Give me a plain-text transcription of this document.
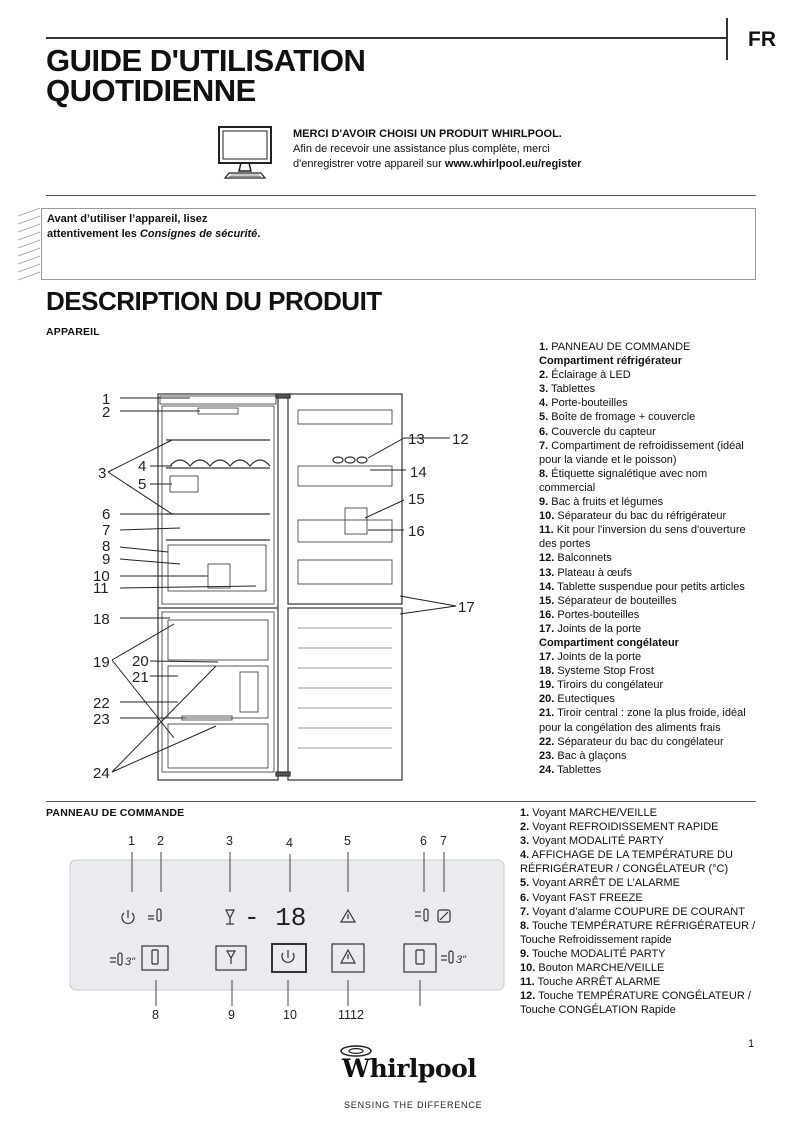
FR
GUIDE D'UTILISATION
QUOTIDIENNE
MERCI D'AVOIR CHOISI UN PRODUIT WHIRLPOOL.
Afin de recevoir une assistance plus complète, merci
d'enregistrer votre appareil sur www.whirlpool.eu/register
Avant d’utiliser l’appareil, lisez
attentivement les Consignes de sécurité.
DESCRIPTION DU PRODUIT
APPAREIL
1. PANNEAU DE COMMANDE
Compartiment réfrigérateur
2. Éclairage à LED
3. Tablettes
4. Porte-bouteilles
5. Boîte de fromage + couvercle
6. Couvercle du capteur
7. Compartiment de refroidissement (idéal
pour la viande et le poisson)
8. Étiquette signalétique avec nom
commercial
9. Bac à fruits et légumes
10. Séparateur du bac du réfrigérateur
11. Kit pour l'inversion du sens d'ouverture
des portes
12. Balconnets
13. Plateau à œufs
14. Tablette suspendue pour petits articles
15. Séparateur de bouteilles
16. Portes-bouteilles
17. Joints de la porte
Compartiment congélateur
17. Joints de la porte
18. Systeme Stop Frost
19. Tiroirs du congélateur
20. Eutectiques
21. Tiroir central : zone la plus froide, idéal
pour la congélation des aliments frais
22. Séparateur du bac du congélateur
23. Bac à glaçons
24. Tablettes
1
2
3 4
5
6
7
8
9
10
11
12
13
14
15
16
17
18
19 20
21
22
23
24
PANNEAU DE COMMANDE	1. Voyant MARCHE/VEILLE
2. Voyant REFROIDISSEMENT RAPIDE
3. Voyant MODALITÉ PARTY
4. AFFICHAGE DE LA TEMPÉRATURE DU
RÉFRIGÉRATEUR / CONGÉLATEUR (°C)
5. Voyant ARRÊT DE L’ALARME
6. Voyant FAST FREEZE
7. Voyant d’alarme COUPURE DE COURANT
8. Touche TEMPÉRATURE RÉFRIGÉRATEUR /
Touche Refroidissement rapide
9. Touche MODALITÉ PARTY
10. Bouton MARCHE/VEILLE
11. Touche ARRÊT ALARME
12. Touche TEMPÉRATURE CONGÉLATEUR /
Touche CONGÉLATION Rapide
1 2	3	4	5	6 7
8	9	10	1112
- 18
3"	3"
1
Whirlpool
SENSING THE DIFFERENCE
